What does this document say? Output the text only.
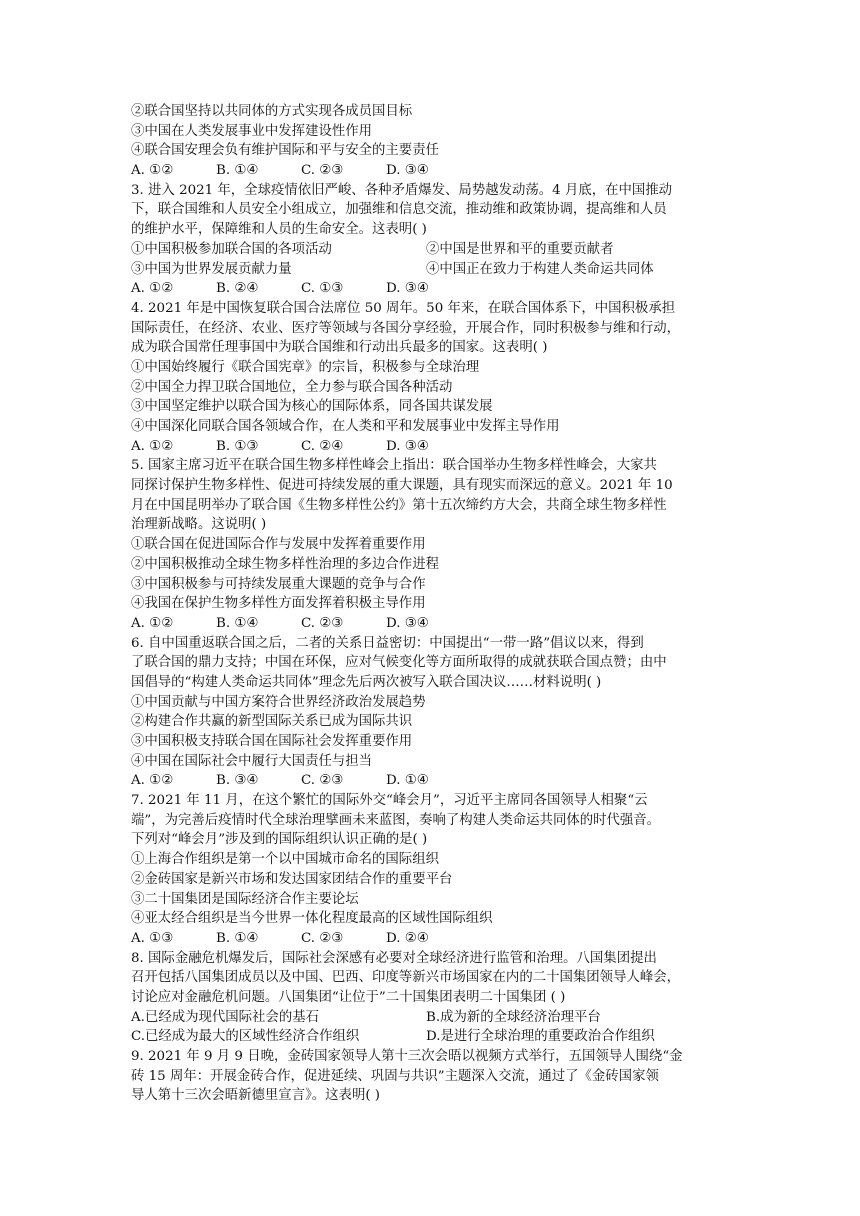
②联合国坚持以共同体的方式实现各成员国目标
③中国在人类发展事业中发挥建设性作用
④联合国安理会负有维护国际和平与安全的主要责任
A. ①②	B. ①④	C. ②③	D. ③④
3. 进入 2021 年，全球疫情依旧严峻、各种矛盾爆发、局势越发动荡。4 月底，在中国推动
下，联合国维和人员安全小组成立，加强维和信息交流，推动维和政策协调，提高维和人员
的维护水平，保障维和人员的生命安全。这表明( )
①中国积极参加联合国的各项活动	②中国是世界和平的重要贡献者
③中国为世界发展贡献力量	④中国正在致力于构建人类命运共同体
A. ①②	B. ②④	C. ①③	D. ③④
4. 2021 年是中国恢复联合国合法席位 50 周年。50 年来，在联合国体系下，中国积极承担
国际责任，在经济、农业、医疗等领域与各国分享经验，开展合作，同时积极参与维和行动，
成为联合国常任理事国中为联合国维和行动出兵最多的国家。这表明( )
①中国始终履行《联合国宪章》的宗旨，积极参与全球治理
②中国全力捍卫联合国地位，全力参与联合国各种活动
③中国坚定维护以联合国为核心的国际体系，同各国共谋发展
④中国深化同联合国各领域合作，在人类和平和发展事业中发挥主导作用
A. ①②	B. ①③	C. ②④	D. ③④
5. 国家主席习近平在联合国生物多样性峰会上指出：联合国举办生物多样性峰会，大家共
同探讨保护生物多样性、促进可持续发展的重大课题，具有现实而深远的意义。2021 年 10
月在中国昆明举办了联合国《生物多样性公约》第十五次缔约方大会，共商全球生物多样性
治理新战略。这说明( )
①联合国在促进国际合作与发展中发挥着重要作用
②中国积极推动全球生物多样性治理的多边合作进程
③中国积极参与可持续发展重大课题的竞争与合作
④我国在保护生物多样性方面发挥着积极主导作用
A. ①②	B. ①④	C. ②③	D. ③④
6. 自中国重返联合国之后，二者的关系日益密切：中国提出“一带一路”倡议以来，得到
了联合国的鼎力支持；中国在环保，应对气候变化等方面所取得的成就获联合国点赞；由中
国倡导的“构建人类命运共同体”理念先后两次被写入联合国决议……材料说明( )
①中国贡献与中国方案符合世界经济政治发展趋势
②构建合作共赢的新型国际关系已成为国际共识
③中国积极支持联合国在国际社会发挥重要作用
④中国在国际社会中履行大国责任与担当
A. ①②	B. ③④	C. ②③	D. ①④
7. 2021 年 11 月，在这个繁忙的国际外交“峰会月”，习近平主席同各国领导人相聚“云
端”，为完善后疫情时代全球治理擘画未来蓝图，奏响了构建人类命运共同体的时代强音。
下列对“峰会月”涉及到的国际组织认识正确的是( )
①上海合作组织是第一个以中国城市命名的国际组织
②金砖国家是新兴市场和发达国家团结合作的重要平台
③二十国集团是国际经济合作主要论坛
④亚太经合组织是当今世界一体化程度最高的区域性国际组织
A. ①③	B. ①④	C. ②③	D. ②④
8. 国际金融危机爆发后，国际社会深感有必要对全球经济进行监管和治理。八国集团提出
召开包括八国集团成员以及中国、巴西、印度等新兴市场国家在内的二十国集团领导人峰会，
讨论应对金融危机问题。八国集团“让位于”二十国集团表明二十国集团 ( )
A.已经成为现代国际社会的基石	B.成为新的全球经济治理平台
C.已经成为最大的区域性经济合作组织	D.是进行全球治理的重要政治合作组织
9. 2021 年 9 月 9 日晚，金砖国家领导人第十三次会晤以视频方式举行，五国领导人围绕“金
砖 15 周年：开展金砖合作，促进延续、巩固与共识”主题深入交流，通过了《金砖国家领
导人第十三次会晤新德里宣言》。这表明( )
